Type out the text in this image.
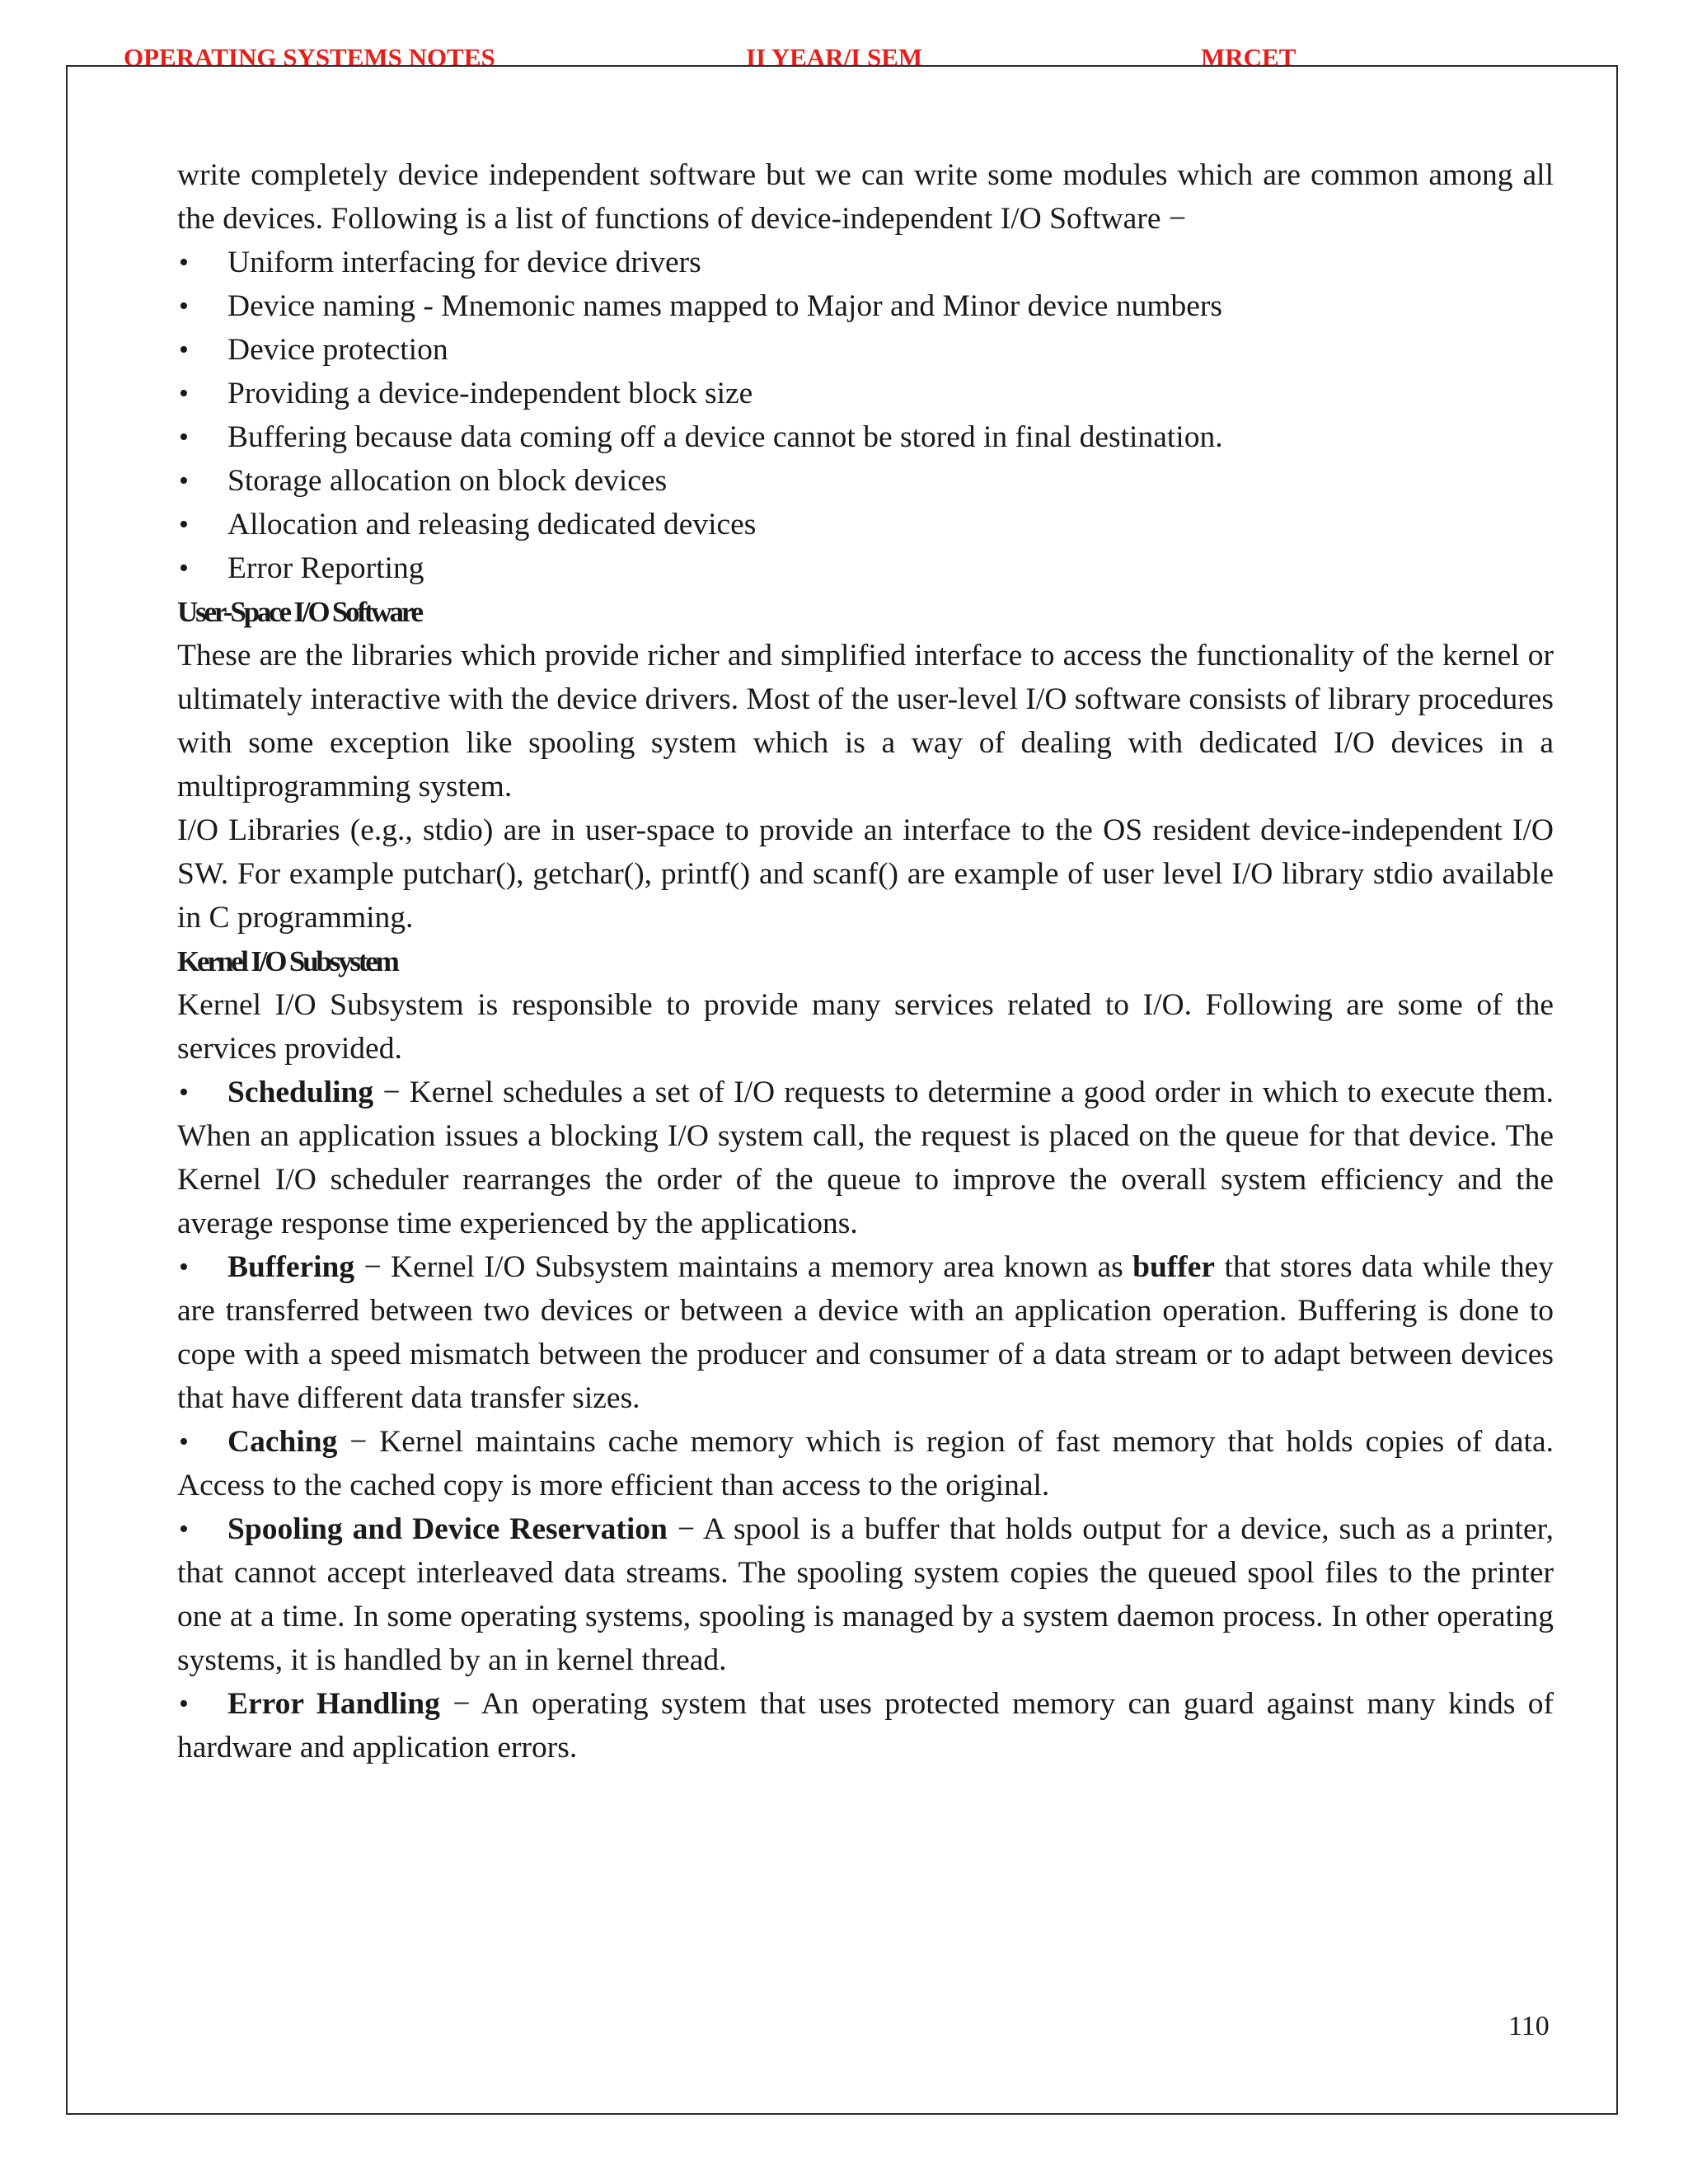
OPERATING SYSTEMS NOTES	II YEAR/I SEM	MRCET

write completely device independent software but we can write some modules which are common among all the devices. Following is a list of functions of device-independent I/O Software −

• Uniform interfacing for device drivers
• Device naming - Mnemonic names mapped to Major and Minor device numbers
• Device protection
• Providing a device-independent block size
• Buffering because data coming off a device cannot be stored in final destination.
• Storage allocation on block devices
• Allocation and releasing dedicated devices
• Error Reporting
User-Space I/O Software

These are the libraries which provide richer and simplified interface to access the functionality of the kernel or ultimately interactive with the device drivers. Most of the user-level I/O software consists of library procedures with some exception like spooling system which is a way of dealing with dedicated I/O devices in a multiprogramming system.

I/O Libraries (e.g., stdio) are in user-space to provide an interface to the OS resident device-independent I/O SW. For example putchar(), getchar(), printf() and scanf() are example of user level I/O library stdio available in C programming.

Kernel I/O Subsystem

Kernel I/O Subsystem is responsible to provide many services related to I/O. Following are some of the services provided.

• Scheduling − Kernel schedules a set of I/O requests to determine a good order in which to execute them. When an application issues a blocking I/O system call, the request is placed on the queue for that device. The Kernel I/O scheduler rearranges the order of the queue to improve the overall system efficiency and the average response time experienced by the applications.
• Buffering − Kernel I/O Subsystem maintains a memory area known as buffer that stores data while they are transferred between two devices or between a device with an application operation. Buffering is done to cope with a speed mismatch between the producer and consumer of a data stream or to adapt between devices that have different data transfer sizes.
• Caching − Kernel maintains cache memory which is region of fast memory that holds copies of data. Access to the cached copy is more efficient than access to the original.
• Spooling and Device Reservation − A spool is a buffer that holds output for a device, such as a printer, that cannot accept interleaved data streams. The spooling system copies the queued spool files to the printer one at a time. In some operating systems, spooling is managed by a system daemon process. In other operating systems, it is handled by an in kernel thread.
• Error Handling − An operating system that uses protected memory can guard against many kinds of hardware and application errors.
110
